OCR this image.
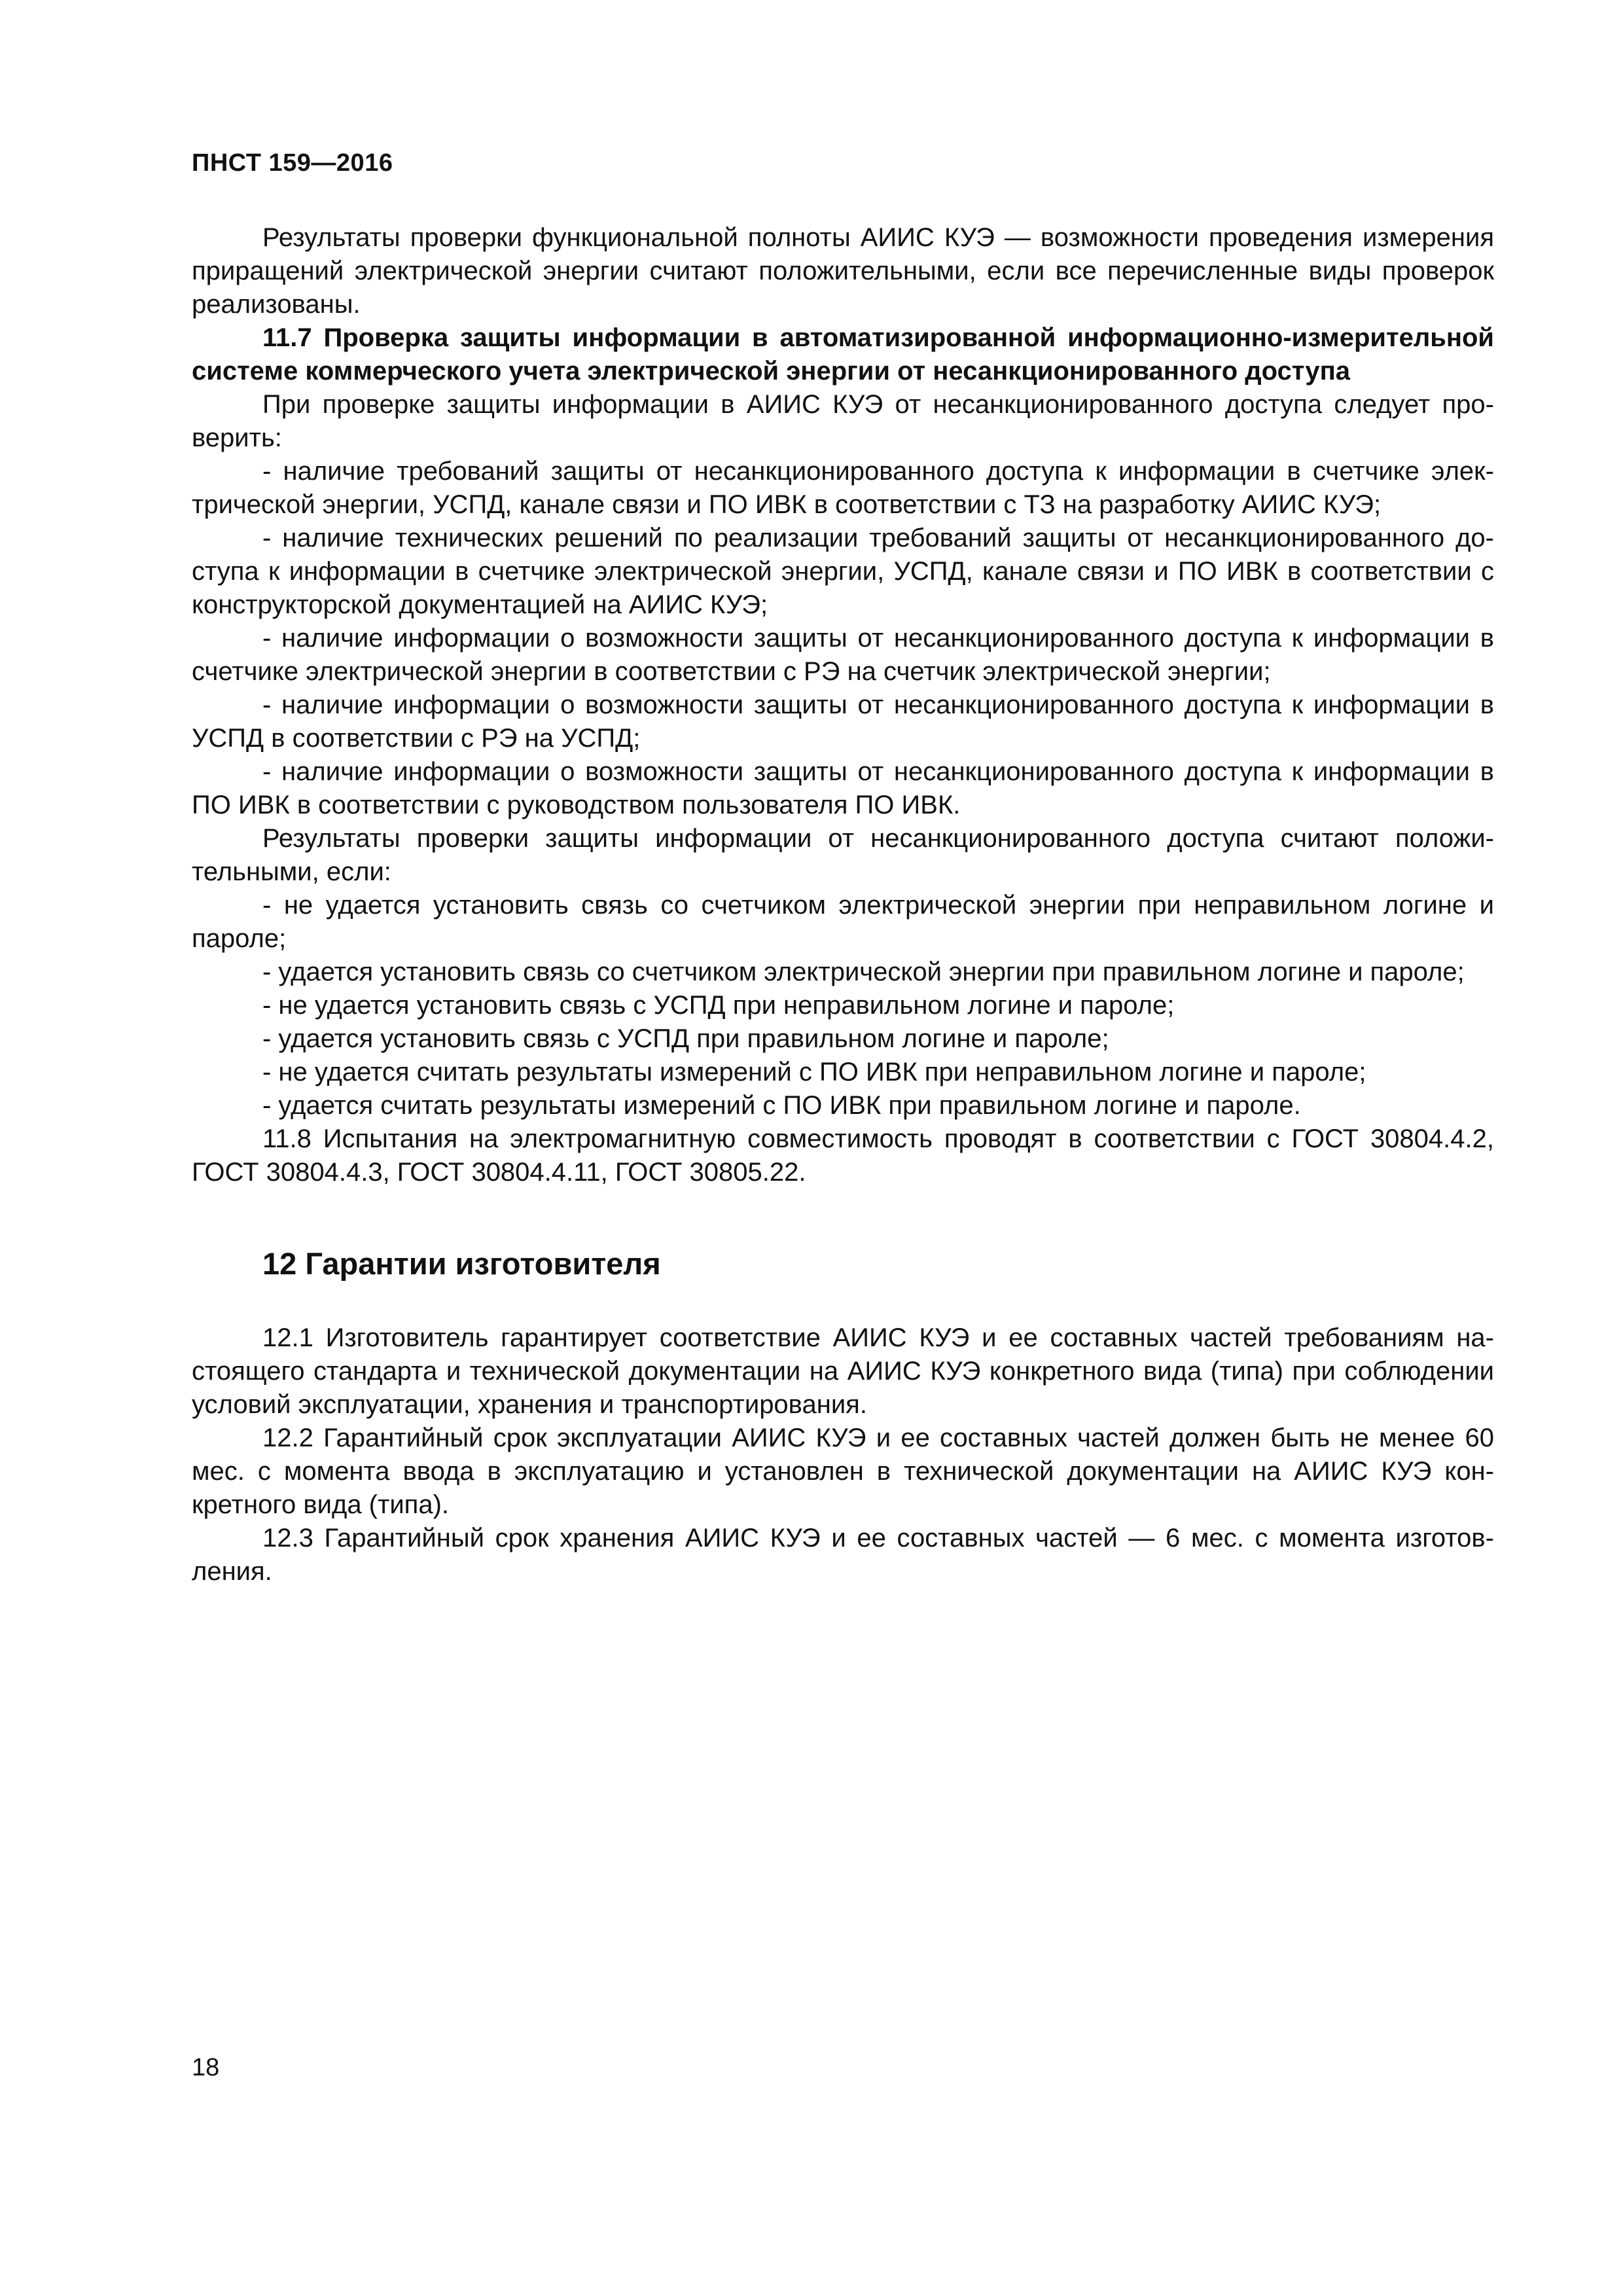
ПНСТ 159—2016

Результаты проверки функциональной полноты АИИС КУЭ — возможности проведения измерения приращений электрической энергии считают положительными, если все перечисленные виды проверок реализованы.

11.7 Проверка защиты информации в автоматизированной информационно-измерительной системе коммерческого учета электрической энергии от несанкционированного доступа

При проверке защиты информации в АИИС КУЭ от несанкционированного доступа следует проверить:

- наличие требований защиты от несанкционированного доступа к информации в счетчике электрической энергии, УСПД, канале связи и ПО ИВК в соответствии с ТЗ на разработку АИИС КУЭ;

- наличие технических решений по реализации требований защиты от несанкционированного доступа к информации в счетчике электрической энергии, УСПД, канале связи и ПО ИВК в соответствии с конструкторской документацией на АИИС КУЭ;

- наличие информации о возможности защиты от несанкционированного доступа к информации в счетчике электрической энергии в соответствии с РЭ на счетчик электрической энергии;

- наличие информации о возможности защиты от несанкционированного доступа к информации в УСПД в соответствии с РЭ на УСПД;

- наличие информации о возможности защиты от несанкционированного доступа к информации в ПО ИВК в соответствии с руководством пользователя ПО ИВК.

Результаты проверки защиты информации от несанкционированного доступа считают положительными, если:

- не удается установить связь со счетчиком электрической энергии при неправильном логине и пароле;

- удается установить связь со счетчиком электрической энергии при правильном логине и пароле;

- не удается установить связь с УСПД при неправильном логине и пароле;

- удается установить связь с УСПД при правильном логине и пароле;

- не удается считать результаты измерений с ПО ИВК при неправильном логине и пароле;

- удается считать результаты измерений с ПО ИВК при правильном логине и пароле.

11.8 Испытания на электромагнитную совместимость проводят в соответствии с ГОСТ 30804.4.2, ГОСТ 30804.4.3, ГОСТ 30804.4.11, ГОСТ 30805.22.

12 Гарантии изготовителя

12.1 Изготовитель гарантирует соответствие АИИС КУЭ и ее составных частей требованиям настоящего стандарта и технической документации на АИИС КУЭ конкретного вида (типа) при соблюдении условий эксплуатации, хранения и транспортирования.

12.2 Гарантийный срок эксплуатации АИИС КУЭ и ее составных частей должен быть не менее 60 мес. с момента ввода в эксплуатацию и установлен в технической документации на АИИС КУЭ конкретного вида (типа).

12.3 Гарантийный срок хранения АИИС КУЭ и ее составных частей — 6 мес. с момента изготовления.

18
